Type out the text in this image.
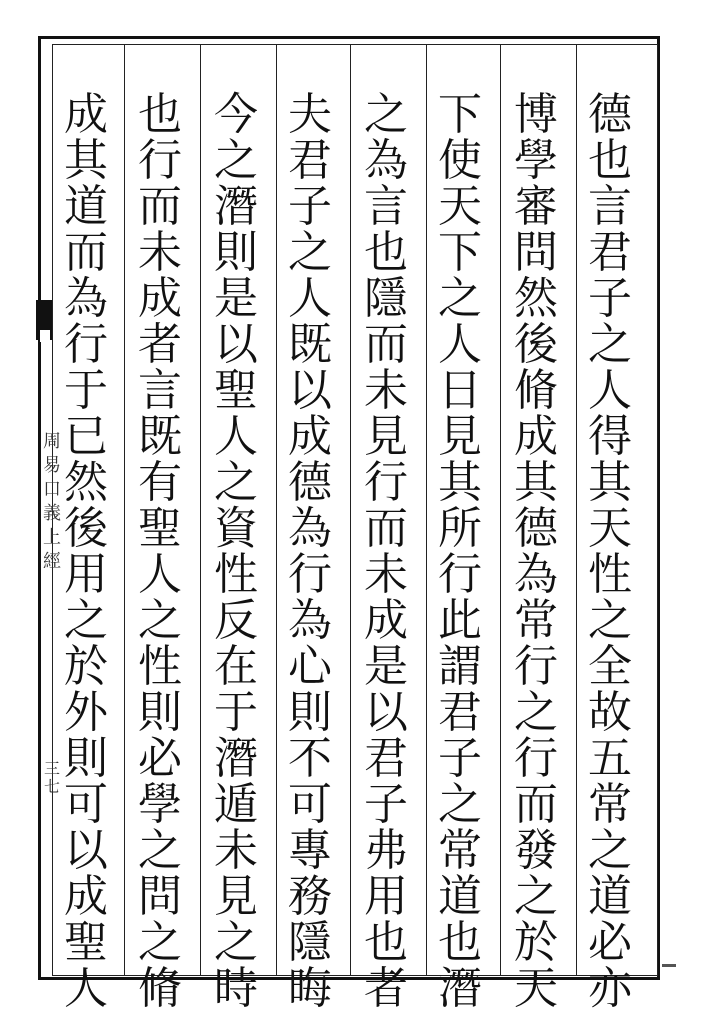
周
易
口
義
上
經
三
七
德
也
言
君
子
之
人
得
其
天
性
之
全
故
五
常
之
道
必
亦
博
學
審
問
然
後
脩
成
其
德
為
常
行
之
行
而
發
之
於
天
下
使
天
下
之
人
日
見
其
所
行
此
謂
君
子
之
常
道
也
潛
之
為
言
也
隱
而
未
見
行
而
未
成
是
以
君
子
弗
用
也
者
夫
君
子
之
人
既
以
成
德
為
行
為
心
則
不
可
專
務
隱
晦
今
之
潛
則
是
以
聖
人
之
資
性
反
在
于
潛
遁
未
見
之
時
也
行
而
未
成
者
言
既
有
聖
人
之
性
則
必
學
之
問
之
脩
成
其
道
而
為
行
于
已
然
後
用
之
於
外
則
可
以
成
聖
人
